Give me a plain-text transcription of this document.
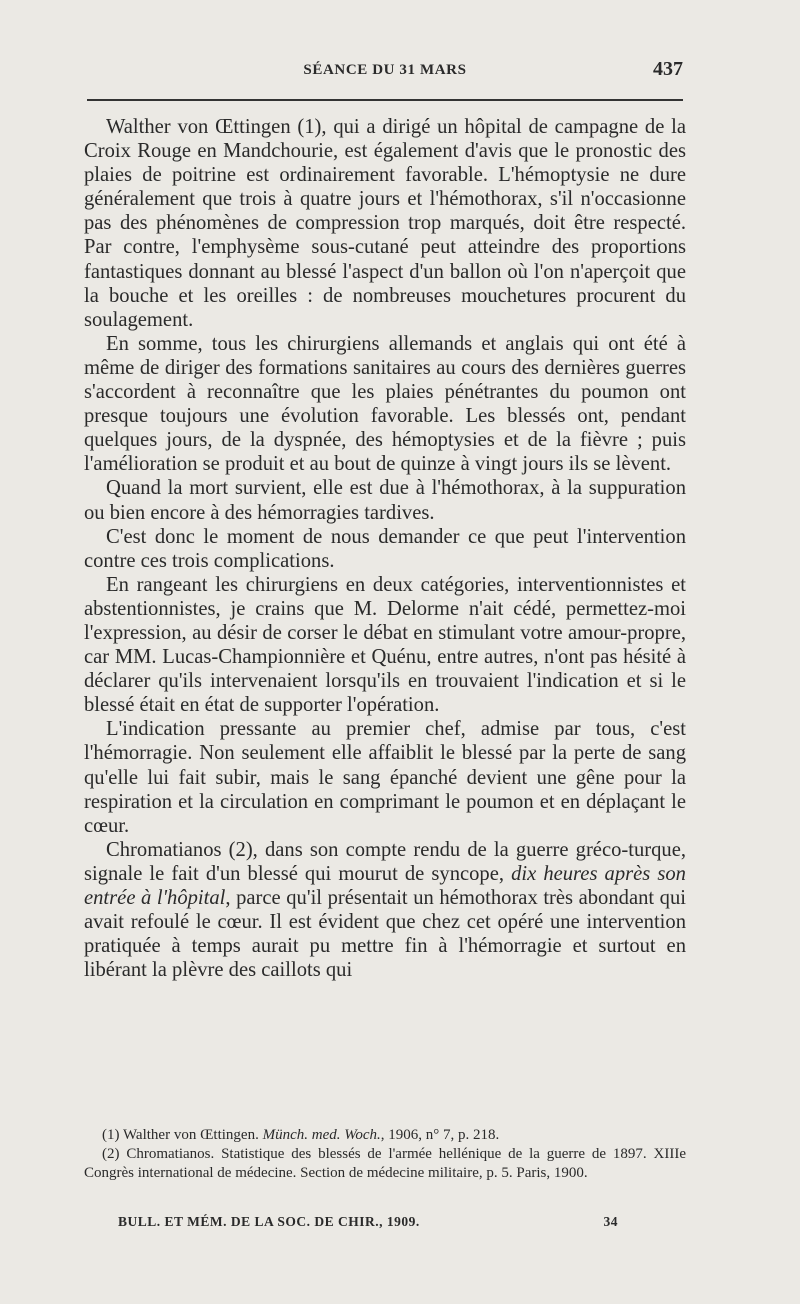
SÉANCE DU 31 MARS	437

Walther von Œttingen (1), qui a dirigé un hôpital de campagne de la Croix Rouge en Mandchourie, est également d'avis que le pronostic des plaies de poitrine est ordinairement favorable. L'hémoptysie ne dure généralement que trois à quatre jours et l'hémothorax, s'il n'occasionne pas des phénomènes de compression trop marqués, doit être respecté. Par contre, l'emphysème sous-cutané peut atteindre des proportions fantastiques donnant au blessé l'aspect d'un ballon où l'on n'aperçoit que la bouche et les oreilles : de nombreuses mouchetures procurent du soulagement.

En somme, tous les chirurgiens allemands et anglais qui ont été à même de diriger des formations sanitaires au cours des dernières guerres s'accordent à reconnaître que les plaies pénétrantes du poumon ont presque toujours une évolution favorable. Les blessés ont, pendant quelques jours, de la dyspnée, des hémoptysies et de la fièvre ; puis l'amélioration se produit et au bout de quinze à vingt jours ils se lèvent.

Quand la mort survient, elle est due à l'hémothorax, à la suppuration ou bien encore à des hémorragies tardives.

C'est donc le moment de nous demander ce que peut l'intervention contre ces trois complications.

En rangeant les chirurgiens en deux catégories, interventionnistes et abstentionnistes, je crains que M. Delorme n'ait cédé, permettez-moi l'expression, au désir de corser le débat en stimulant votre amour-propre, car MM. Lucas-Championnière et Quénu, entre autres, n'ont pas hésité à déclarer qu'ils intervenaient lorsqu'ils en trouvaient l'indication et si le blessé était en état de supporter l'opération.

L'indication pressante au premier chef, admise par tous, c'est l'hémorragie. Non seulement elle affaiblit le blessé par la perte de sang qu'elle lui fait subir, mais le sang épanché devient une gêne pour la respiration et la circulation en comprimant le poumon et en déplaçant le cœur.

Chromatianos (2), dans son compte rendu de la guerre gréco-turque, signale le fait d'un blessé qui mourut de syncope, dix heures après son entrée à l'hôpital, parce qu'il présentait un hémothorax très abondant qui avait refoulé le cœur. Il est évident que chez cet opéré une intervention pratiquée à temps aurait pu mettre fin à l'hémorragie et surtout en libérant la plèvre des caillots qui

(1) Walther von Œttingen. Münch. med. Woch., 1906, n° 7, p. 218.

(2) Chromatianos. Statistique des blessés de l'armée hellénique de la guerre de 1897. XIIIe Congrès international de médecine. Section de médecine militaire, p. 5. Paris, 1900.

BULL. ET MÉM. DE LA SOC. DE CHIR., 1909.	34
